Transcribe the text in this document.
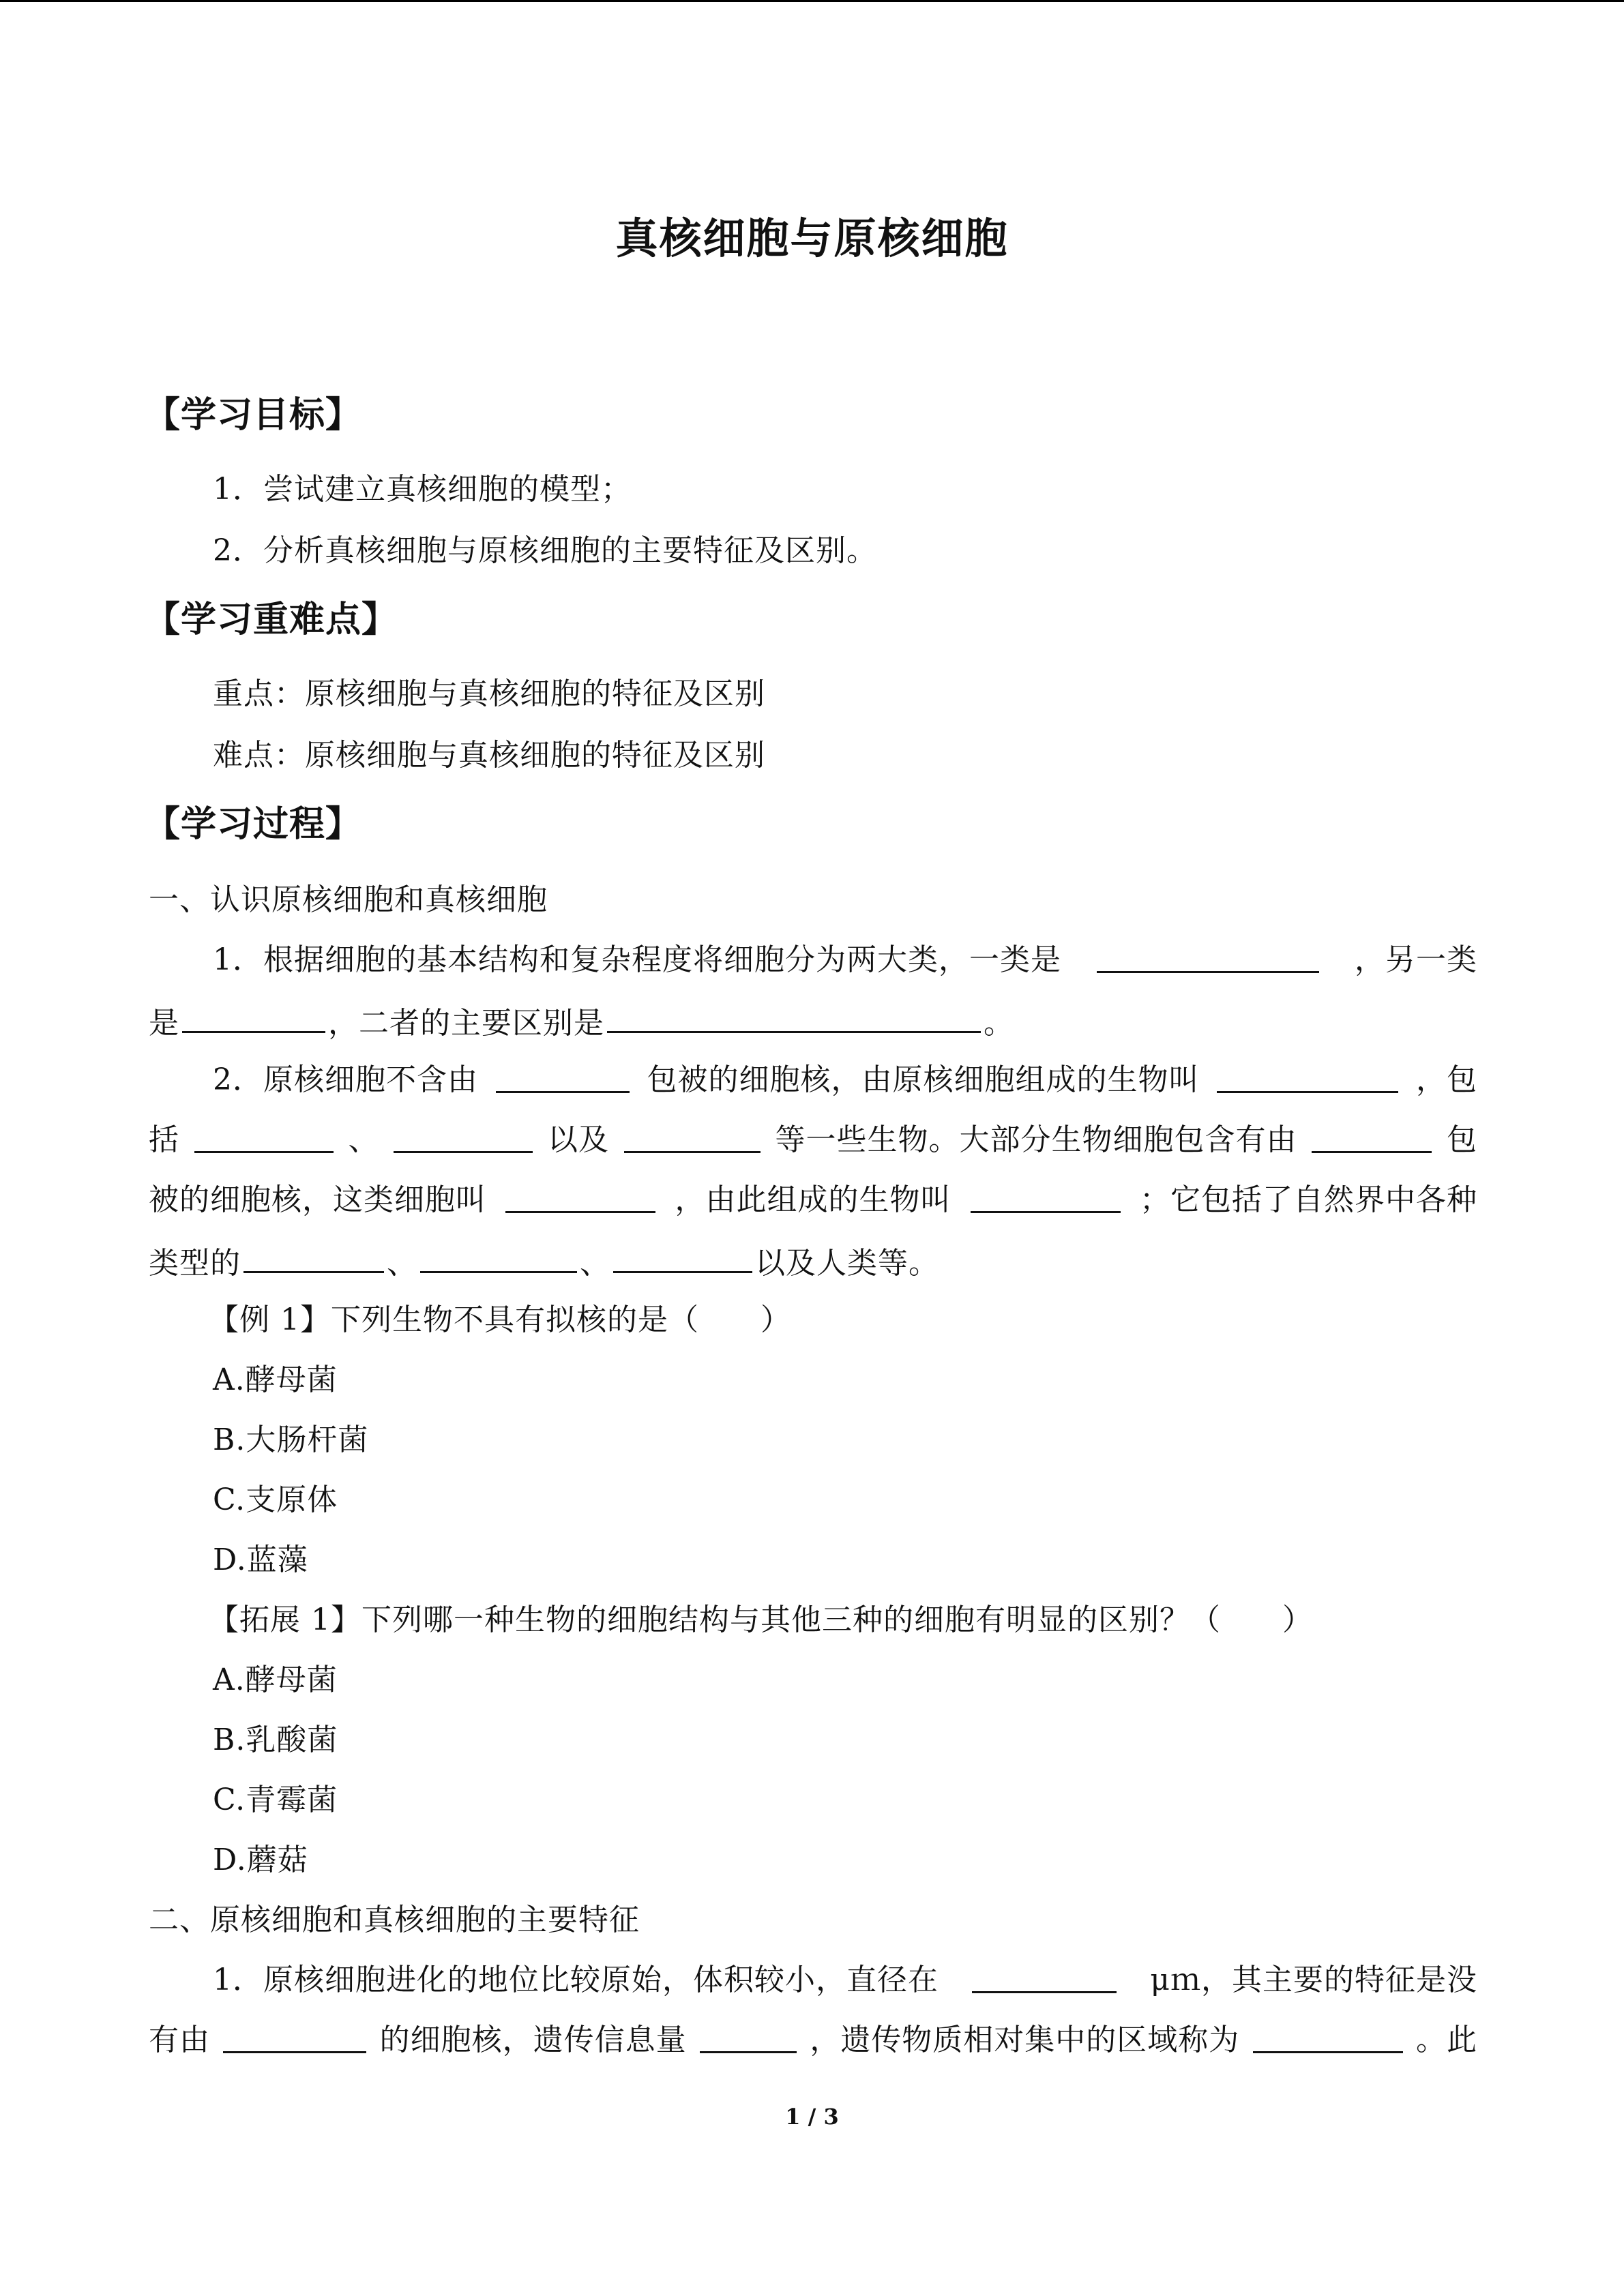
真核细胞与原核细胞
【学习目标】
1．尝试建立真核细胞的模型；
2．分析真核细胞与原核细胞的主要特征及区别。
【学习重难点】
重点：原核细胞与真核细胞的特征及区别
难点：原核细胞与真核细胞的特征及区别
【学习过程】
一、认识原核细胞和真核细胞
1．根据细胞的基本结构和复杂程度将细胞分为两大类，一类是	，另一类
是	，二者的主要区别是	。
2．原核细胞不含由	包被的细胞核，由原核细胞组成的生物叫	，包
括	、	以及	等一些生物。大部分生物细胞包含有由	包
被的细胞核，这类细胞叫	，由此组成的生物叫	；它包括了自然界中各种
类型的	、	、	以及人类等。
【例 1】下列生物不具有拟核的是（　　）
A.酵母菌
B.大肠杆菌
C.支原体
D.蓝藻
【拓展 1】下列哪一种生物的细胞结构与其他三种的细胞有明显的区别？（　　）
A.酵母菌
B.乳酸菌
C.青霉菌
D.蘑菇
二、原核细胞和真核细胞的主要特征
1．原核细胞进化的地位比较原始，体积较小，直径在	μｍ，其主要的特征是没
有由	的细胞核，遗传信息量	，遗传物质相对集中的区域称为	。此
1 / 3
